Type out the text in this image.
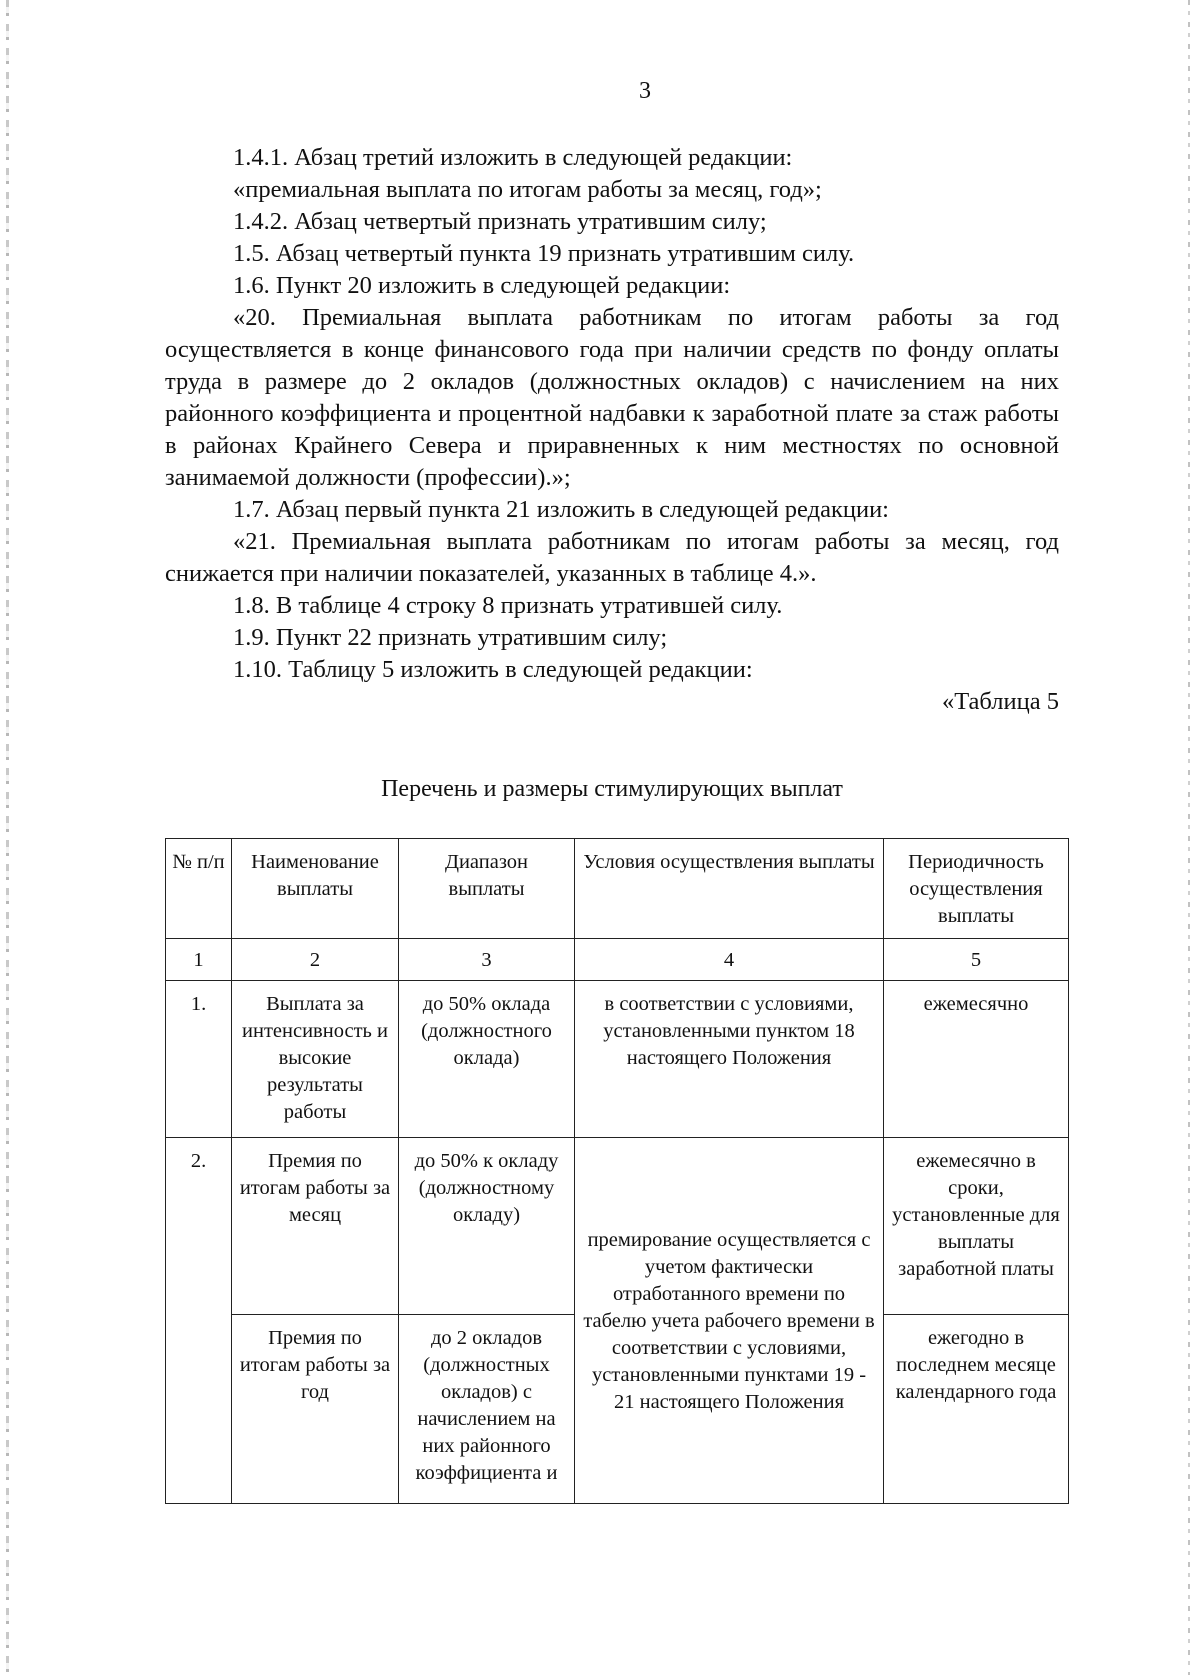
3

1.4.1. Абзац третий изложить в следующей редакции:

«премиальная выплата по итогам работы за месяц, год»;

1.4.2. Абзац четвертый признать утратившим силу;

1.5. Абзац четвертый пункта 19 признать утратившим силу.

1.6. Пункт 20 изложить в следующей редакции:

«20. Премиальная выплата работникам по итогам работы за год осуществляется в конце финансового года при наличии средств по фонду оплаты труда в размере до 2 окладов (должностных окладов) с начислением на них районного коэффициента и процентной надбавки к заработной плате за стаж работы в районах Крайнего Севера и приравненных к ним местностях по основной занимаемой должности (профессии).»;

1.7. Абзац первый пункта 21 изложить в следующей редакции:

«21. Премиальная выплата работникам по итогам работы за месяц, год снижается при наличии показателей, указанных в таблице 4.».

1.8. В таблице 4 строку 8 признать утратившей силу.

1.9. Пункт 22 признать утратившим силу;

1.10. Таблицу 5 изложить в следующей редакции:

«Таблица 5

Перечень и размеры стимулирующих выплат
№ п/п	Наименование выплаты	Диапазон выплаты	Условия осуществления выплаты	Периодичность осуществления выплаты
1	2	3	4	5
1.	Выплата за интенсивность и высокие результаты работы	до 50% оклада (должностного оклада)	в соответствии с условиями, установленными пунктом 18 настоящего Положения	ежемесячно
2.	Премия по итогам работы за месяц	до 50% к окладу (должностному окладу)	премирование осуществляется с учетом фактически отработанного времени по табелю учета рабочего времени в соответствии с условиями, установленными пунктами 19 - 21 настоящего Положения	ежемесячно в сроки, установленные для выплаты заработной платы
	Премия по итогам работы за год	до 2 окладов (должностных окладов) с начислением на них районного коэффициента и		ежегодно в последнем месяце календарного года
